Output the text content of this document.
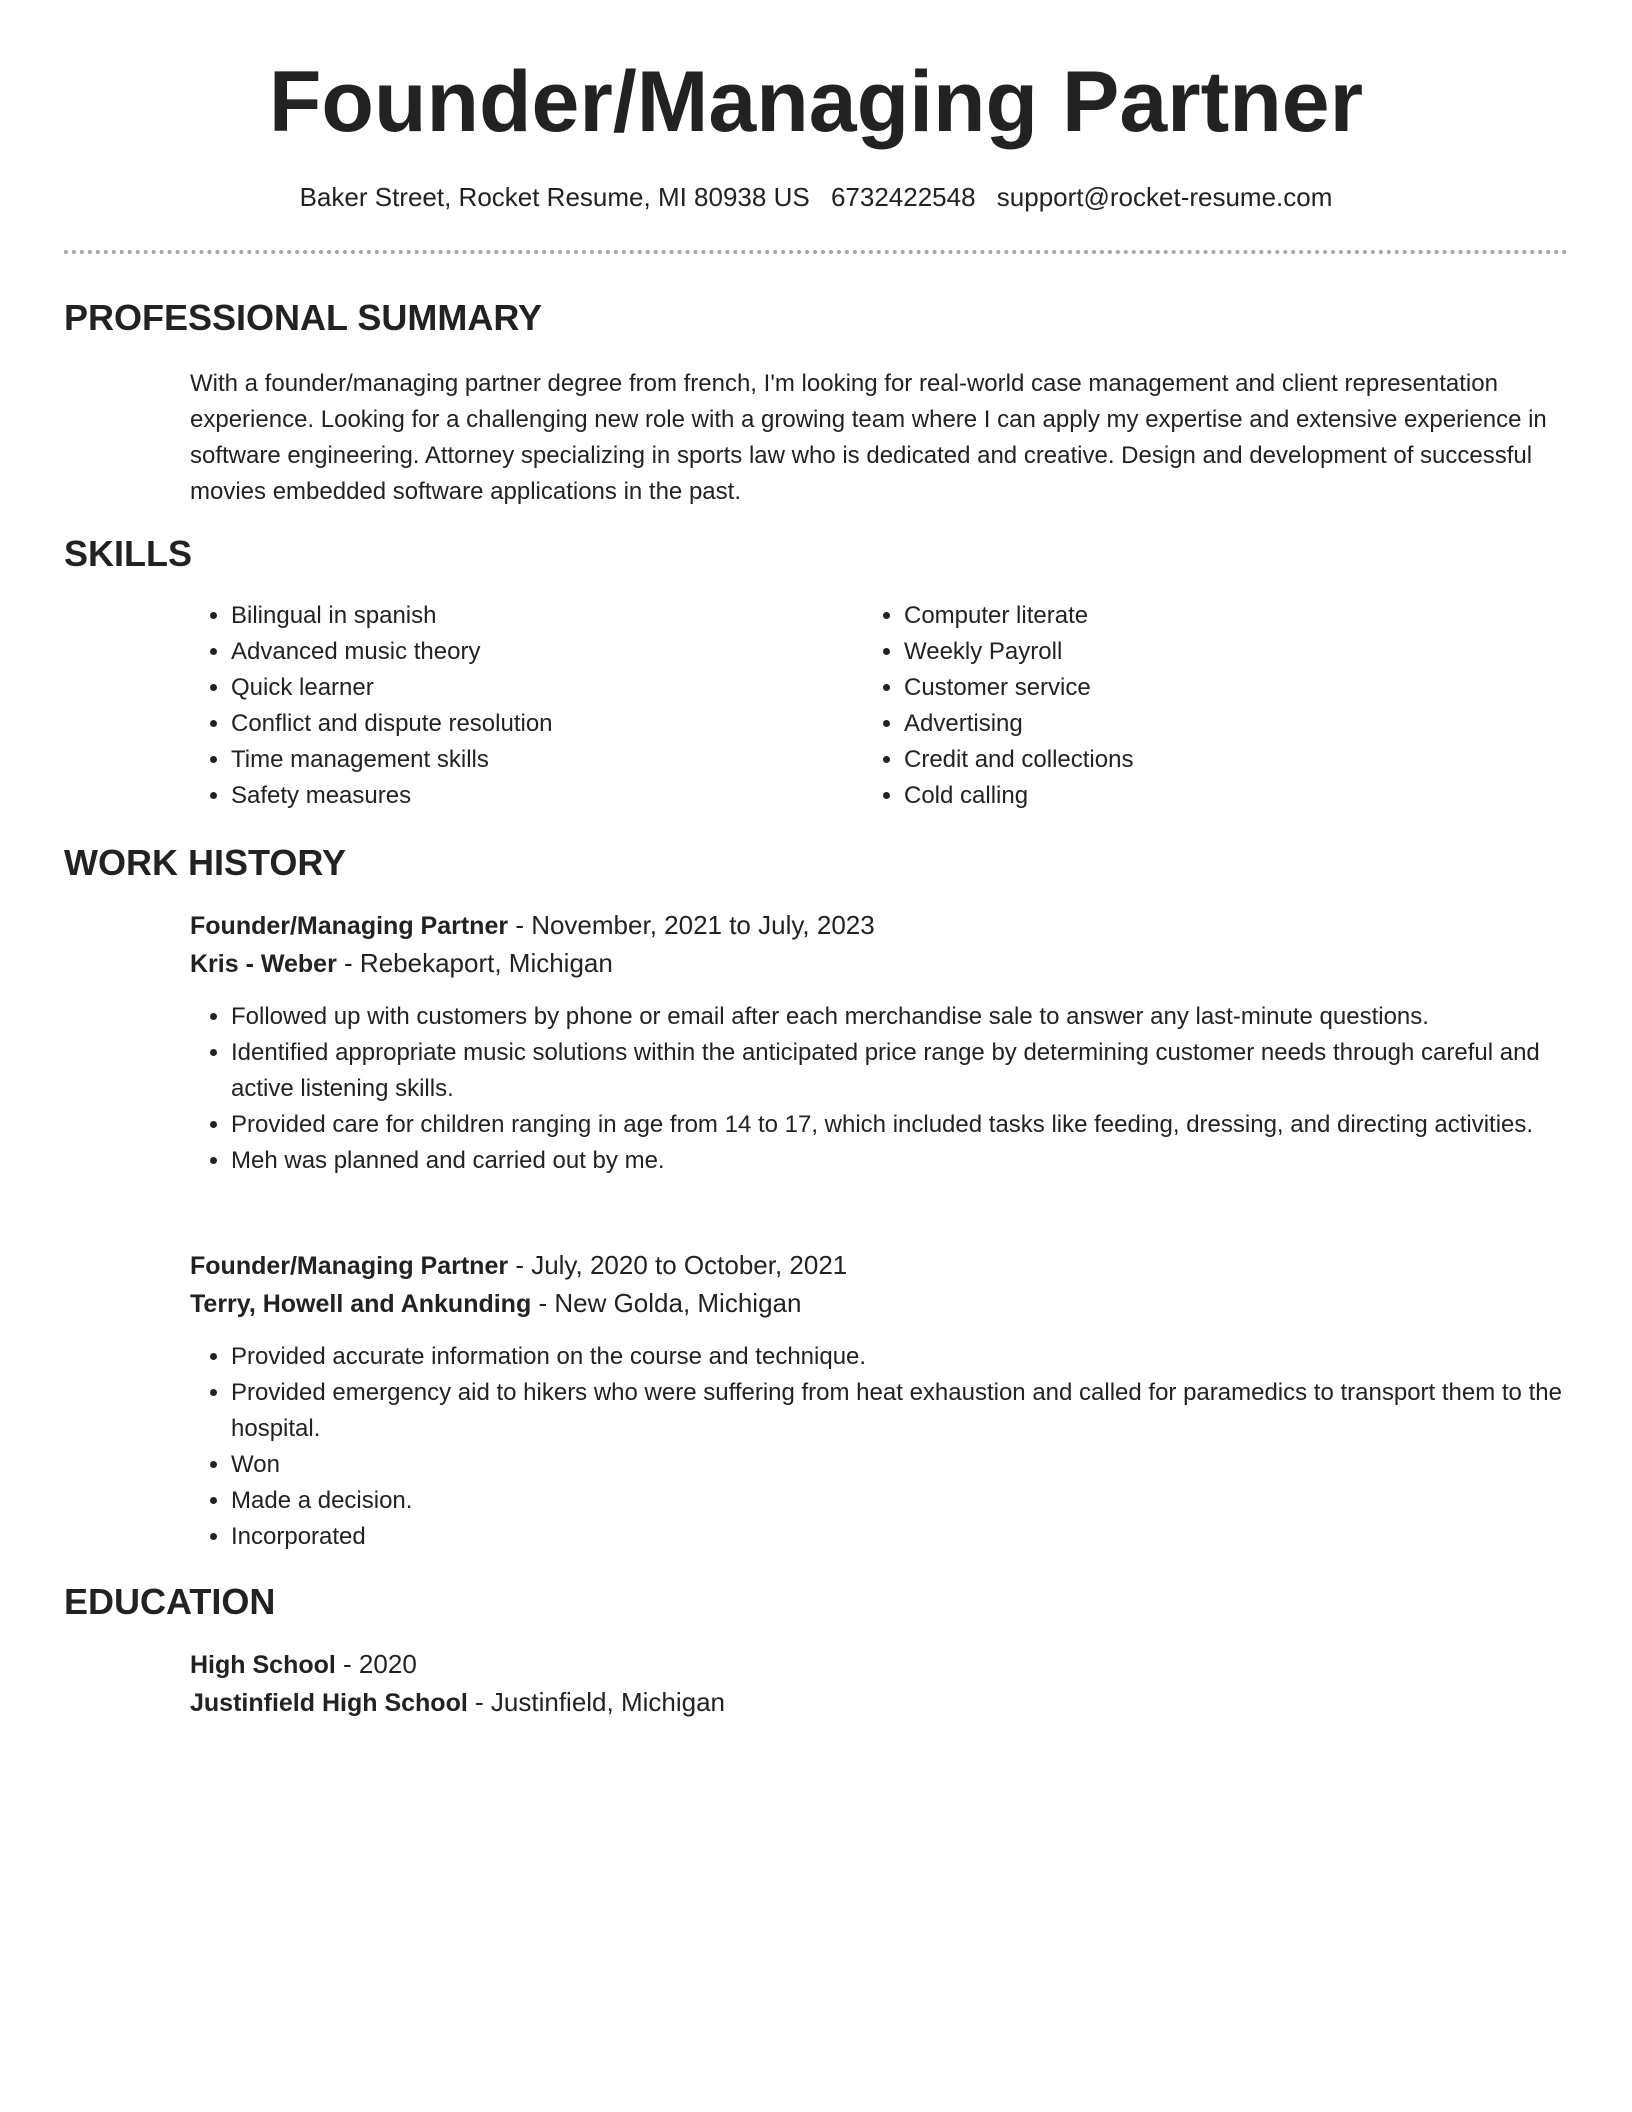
Founder/Managing Partner
Baker Street, Rocket Resume, MI 80938 US 6732422548 support@rocket-resume.com
PROFESSIONAL SUMMARY

With a founder/managing partner degree from french, I'm looking for real-world case management and client representation experience. Looking for a challenging new role with a growing team where I can apply my expertise and extensive experience in software engineering. Attorney specializing in sports law who is dedicated and creative. Design and development of successful movies embedded software applications in the past.

SKILLS
• Bilingual in spanish
• Advanced music theory
• Quick learner
• Conflict and dispute resolution
• Time management skills
• Safety measures
• Computer literate
• Weekly Payroll
• Customer service
• Advertising
• Credit and collections
• Cold calling
WORK HISTORY
Founder/Managing Partner - November, 2021 to July, 2023
Kris - Weber - Rebekaport, Michigan
• Followed up with customers by phone or email after each merchandise sale to answer any last-minute questions.
• Identified appropriate music solutions within the anticipated price range by determining customer needs through careful and active listening skills.
• Provided care for children ranging in age from 14 to 17, which included tasks like feeding, dressing, and directing activities.
• Meh was planned and carried out by me.
Founder/Managing Partner - July, 2020 to October, 2021
Terry, Howell and Ankunding - New Golda, Michigan
• Provided accurate information on the course and technique.
• Provided emergency aid to hikers who were suffering from heat exhaustion and called for paramedics to transport them to the hospital.
• Won
• Made a decision.
• Incorporated
EDUCATION
High School - 2020
Justinfield High School - Justinfield, Michigan
